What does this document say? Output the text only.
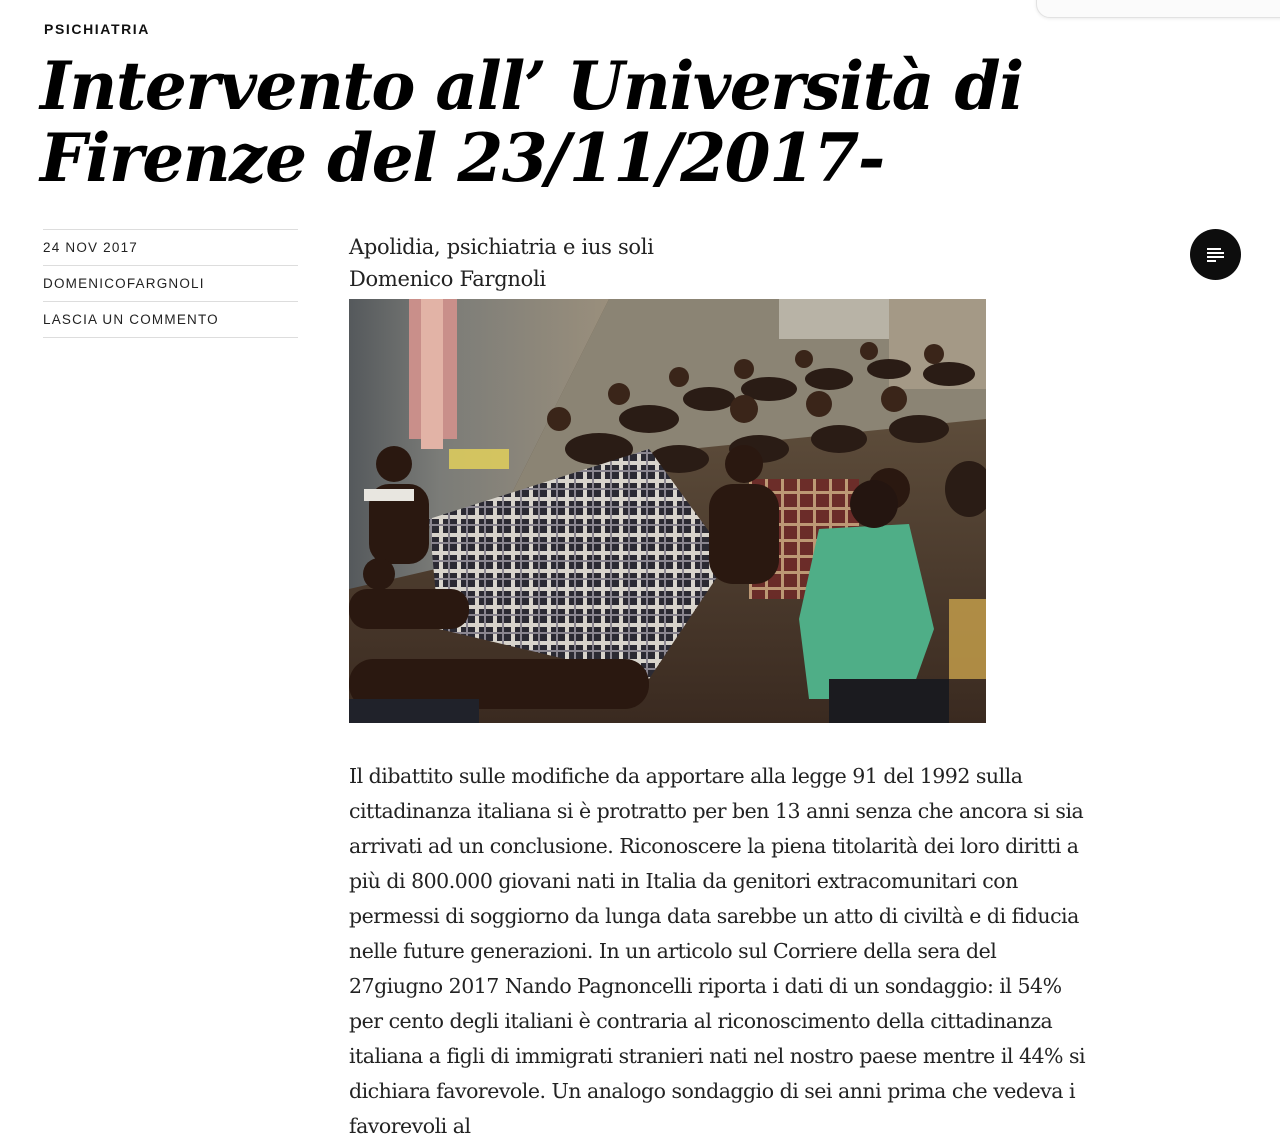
PSICHIATRIA
Intervento all’ Università di Firenze del 23/11/2017-
24 NOV 2017
DOMENICOFARGNOLI
LASCIA UN COMMENTO

Apolidia, psichiatria e ius soli

Domenico Fargnoli

Il dibattito sulle modifiche da apportare alla legge 91 del 1992 sulla cittadinanza italiana si è protratto per ben 13 anni senza che ancora si sia arrivati ad un conclusione. Riconoscere la piena titolarità dei loro diritti a più di 800.000 giovani nati in Italia da genitori extracomunitari con permessi di soggiorno da lunga data sarebbe un atto di civiltà e di fiducia nelle future generazioni. In un articolo sul Corriere della sera del 27giugno 2017 Nando Pagnoncelli riporta i dati di un sondaggio: il 54% per cento degli italiani è contraria al riconoscimento della cittadinanza italiana a figli di immigrati stranieri nati nel nostro paese mentre il 44% si dichiara favorevole. Un analogo sondaggio di sei anni prima che vedeva i favorevoli al
